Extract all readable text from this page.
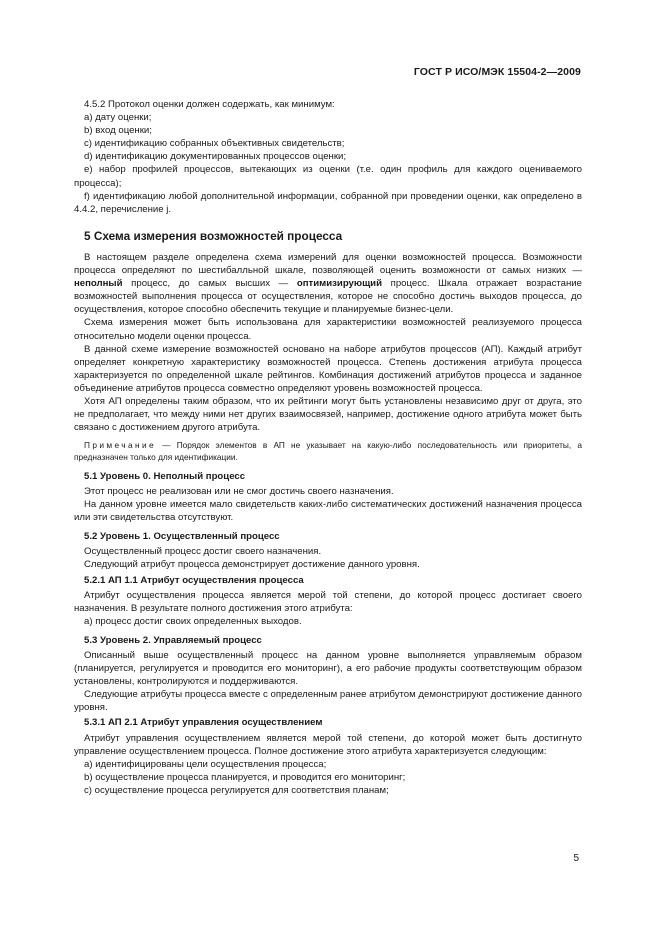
ГОСТ Р ИСО/МЭК 15504-2—2009

4.5.2 Протокол оценки должен содержать, как минимум:

a) дату оценки;

b) вход оценки;

c) идентификацию собранных объективных свидетельств;

d) идентификацию документированных процессов оценки;

e) набор профилей процессов, вытекающих из оценки (т.е. один профиль для каждого оцениваемого процесса);

f) идентификацию любой дополнительной информации, собранной при проведении оценки, как определено в 4.4.2, перечисление j.

5 Схема измерения возможностей процесса

В настоящем разделе определена схема измерений для оценки возможностей процесса. Возможности процесса определяют по шестибалльной шкале, позволяющей оценить возможности от самых низких — неполный процесс, до самых высших — оптимизирующий процесс. Шкала отражает возрастание возможностей выполнения процесса от осуществления, которое не способно достичь выходов процесса, до осуществления, которое способно обеспечить текущие и планируемые бизнес-цели.

Схема измерения может быть использована для характеристики возможностей реализуемого процесса относительно модели оценки процесса.

В данной схеме измерение возможностей основано на наборе атрибутов процессов (АП). Каждый атрибут определяет конкретную характеристику возможностей процесса. Степень достижения атрибута процесса характеризуется по определенной шкале рейтингов. Комбинация достижений атрибутов процесса и заданное объединение атрибутов процесса совместно определяют уровень возможностей процесса.

Хотя АП определены таким образом, что их рейтинги могут быть установлены независимо друг от друга, это не предполагает, что между ними нет других взаимосвязей, например, достижение одного атрибута может быть связано с достижением другого атрибута.

Примечание — Порядок элементов в АП не указывает на какую-либо последовательность или приоритеты, а предназначен только для идентификации.

5.1 Уровень 0. Неполный процесс

Этот процесс не реализован или не смог достичь своего назначения.

На данном уровне имеется мало свидетельств каких-либо систематических достижений назначения процесса или эти свидетельства отсутствуют.

5.2 Уровень 1. Осуществленный процесс

Осуществленный процесс достиг своего назначения.

Следующий атрибут процесса демонстрирует достижение данного уровня.

5.2.1 АП 1.1 Атрибут осуществления процесса

Атрибут осуществления процесса является мерой той степени, до которой процесс достигает своего назначения. В результате полного достижения этого атрибута:

a) процесс достиг своих определенных выходов.

5.3 Уровень 2. Управляемый процесс

Описанный выше осуществленный процесс на данном уровне выполняется управляемым образом (планируется, регулируется и проводится его мониторинг), а его рабочие продукты соответствующим образом установлены, контролируются и поддерживаются.

Следующие атрибуты процесса вместе с определенным ранее атрибутом демонстрируют достижение данного уровня.

5.3.1 АП 2.1 Атрибут управления осуществлением

Атрибут управления осуществлением является мерой той степени, до которой может быть достигнуто управление осуществлением процесса. Полное достижение этого атрибута характеризуется следующим:

a) идентифицированы цели осуществления процесса;

b) осуществление процесса планируется, и проводится его мониторинг;

c) осуществление процесса регулируется для соответствия планам;

5
